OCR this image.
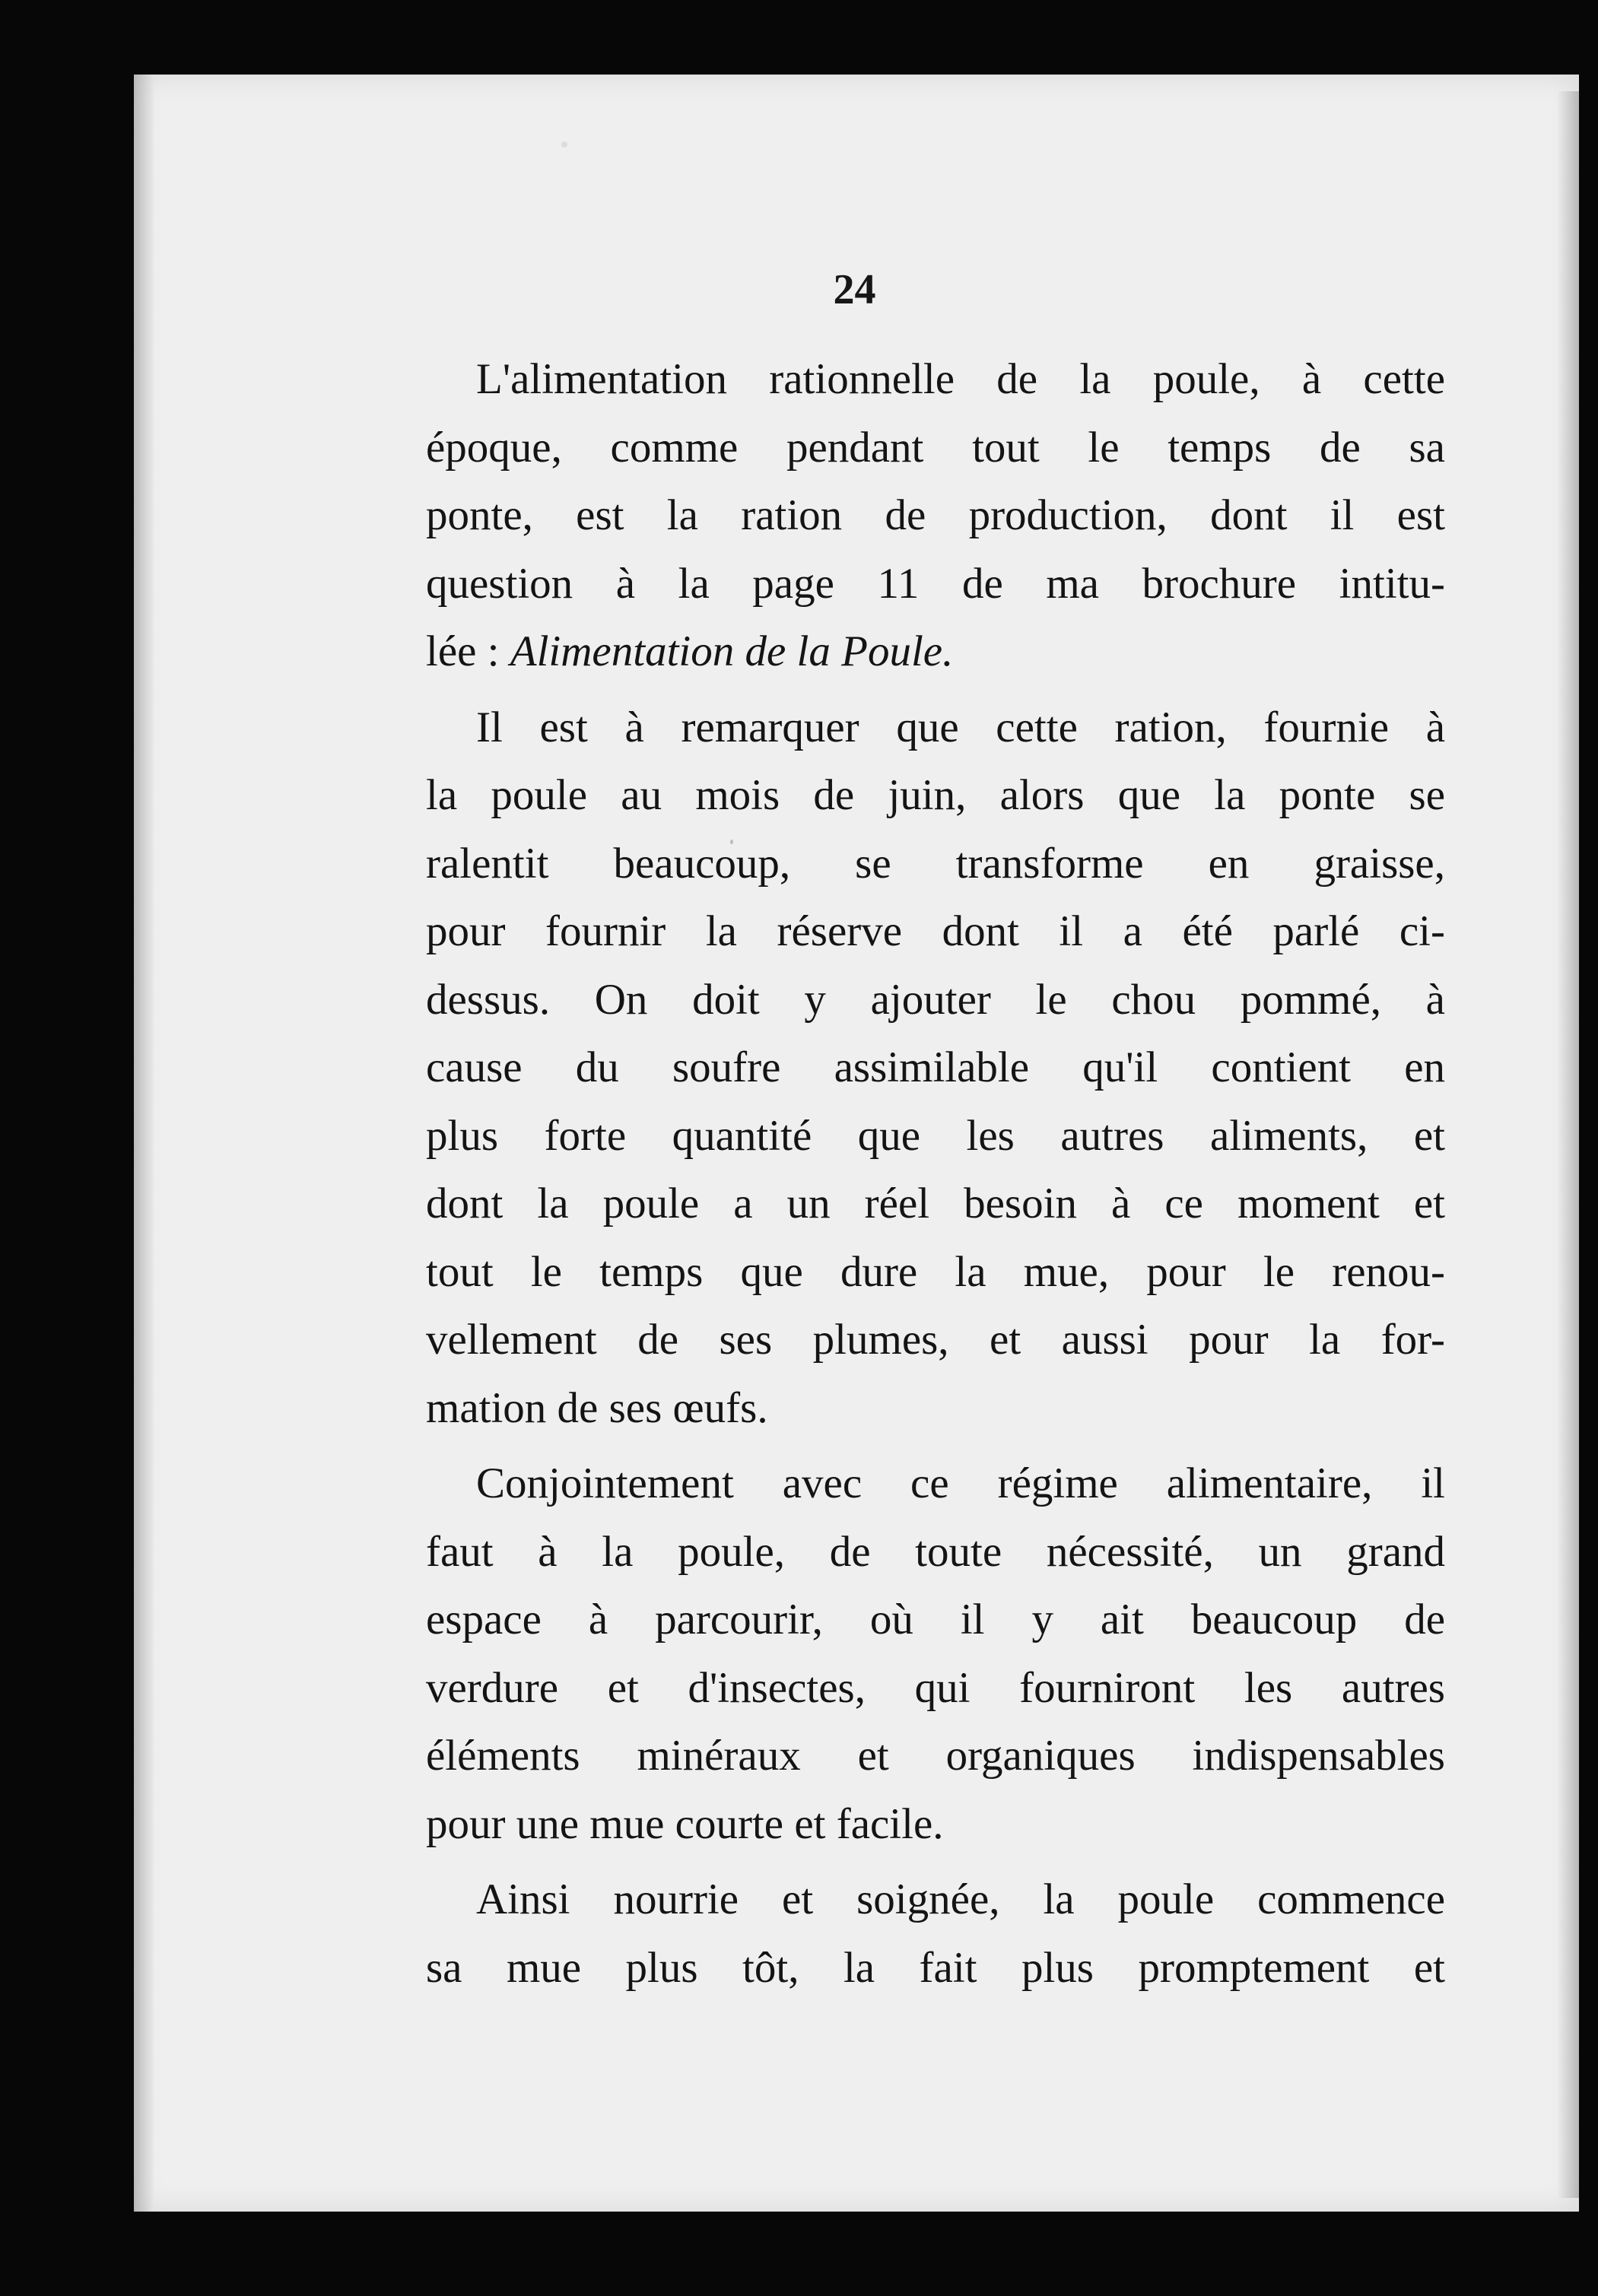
24
L'alimentation rationnelle de la poule, à cette
époque, comme pendant tout le temps de sa
ponte, est la ration de production, dont il est
question à la page 11 de ma brochure intitu-
lée : Alimentation de la Poule.
Il est à remarquer que cette ration, fournie à
la poule au mois de juin, alors que la ponte se
ralentit beaucoup, se transforme en graisse,
pour fournir la réserve dont il a été parlé ci-
dessus. On doit y ajouter le chou pommé, à
cause du soufre assimilable qu'il contient en
plus forte quantité que les autres aliments, et
dont la poule a un réel besoin à ce moment et
tout le temps que dure la mue, pour le renou-
vellement de ses plumes, et aussi pour la for-
mation de ses œufs.
Conjointement avec ce régime alimentaire, il
faut à la poule, de toute nécessité, un grand
espace à parcourir, où il y ait beaucoup de
verdure et d'insectes, qui fourniront les autres
éléments minéraux et organiques indispensables
pour une mue courte et facile.
Ainsi nourrie et soignée, la poule commence
sa mue plus tôt, la fait plus promptement et
